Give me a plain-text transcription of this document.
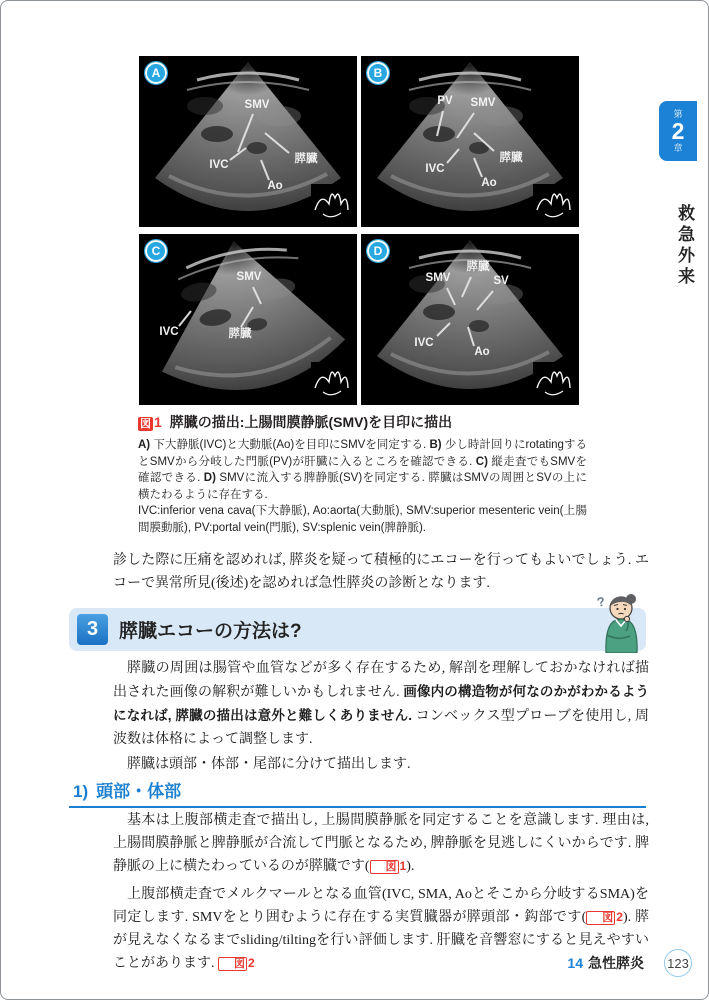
第
2
章
救急外来
SMV
膵臓
IVC
Ao
A
PV SMV
膵臓
IVC
Ao
B
SMV
IVC	膵臓
C
膵臓
SMV	SV
IVC
Ao
D

図 1 膵臓の描出:上腸間膜静脈(SMV)を目印に描出

A) 下大静脈(IVC)と大動脈(Ao)を目印にSMVを同定する. B) 少し時計回りにrotatingするとSMVから分岐した門脈(PV)が肝臓に入るところを確認できる. C) 縦走査でもSMVを確認できる. D) SMVに流入する脾静脈(SV)を同定する. 膵臓はSMVの周囲とSVの上に横たわるように存在する.

IVC:inferior vena cava(下大静脈), Ao:aorta(大動脈), SMV:superior mesenteric vein(上腸間膜動脈), PV:portal vein(門脈), SV:splenic vein(脾静脈).

診した際に圧痛を認めれば, 膵炎を疑って積極的にエコーを行ってもよいでしょう. エコーで異常所見(後述)を認めれば急性膵炎の診断となります.

3	膵臓エコーの方法は?
?

膵臓の周囲は腸管や血管などが多く存在するため, 解剖を理解しておかなければ描出された画像の解釈が難しいかもしれません. 画像内の構造物が何なのかがわかるようになれば, 膵臓の描出は意外と難しくありません. コンベックス型プローブを使用し, 周波数は体格によって調整します.

膵臓は頭部・体部・尾部に分けて描出します.

1) 頭部・体部

基本は上腹部横走査で描出し, 上腸間膜静脈を同定することを意識します. 理由は, 上腸間膜静脈と脾静脈が合流して門脈となるため, 脾静脈を見逃しにくいからです. 脾静脈の上に横たわっているのが膵臓です( 図 1).

上腹部横走査でメルクマールとなる血管(IVC, SMA, Aoとそこから分岐するSMA)を同定します. SMVをとり囲むように存在する実質臓器が膵頭部・鈎部です( 図 2). 膵が見えなくなるまでsliding/tiltingを行い評価します. 肝臓を音響窓にすると見えやすいことがあります. 図 2	14 急性膵炎 123
